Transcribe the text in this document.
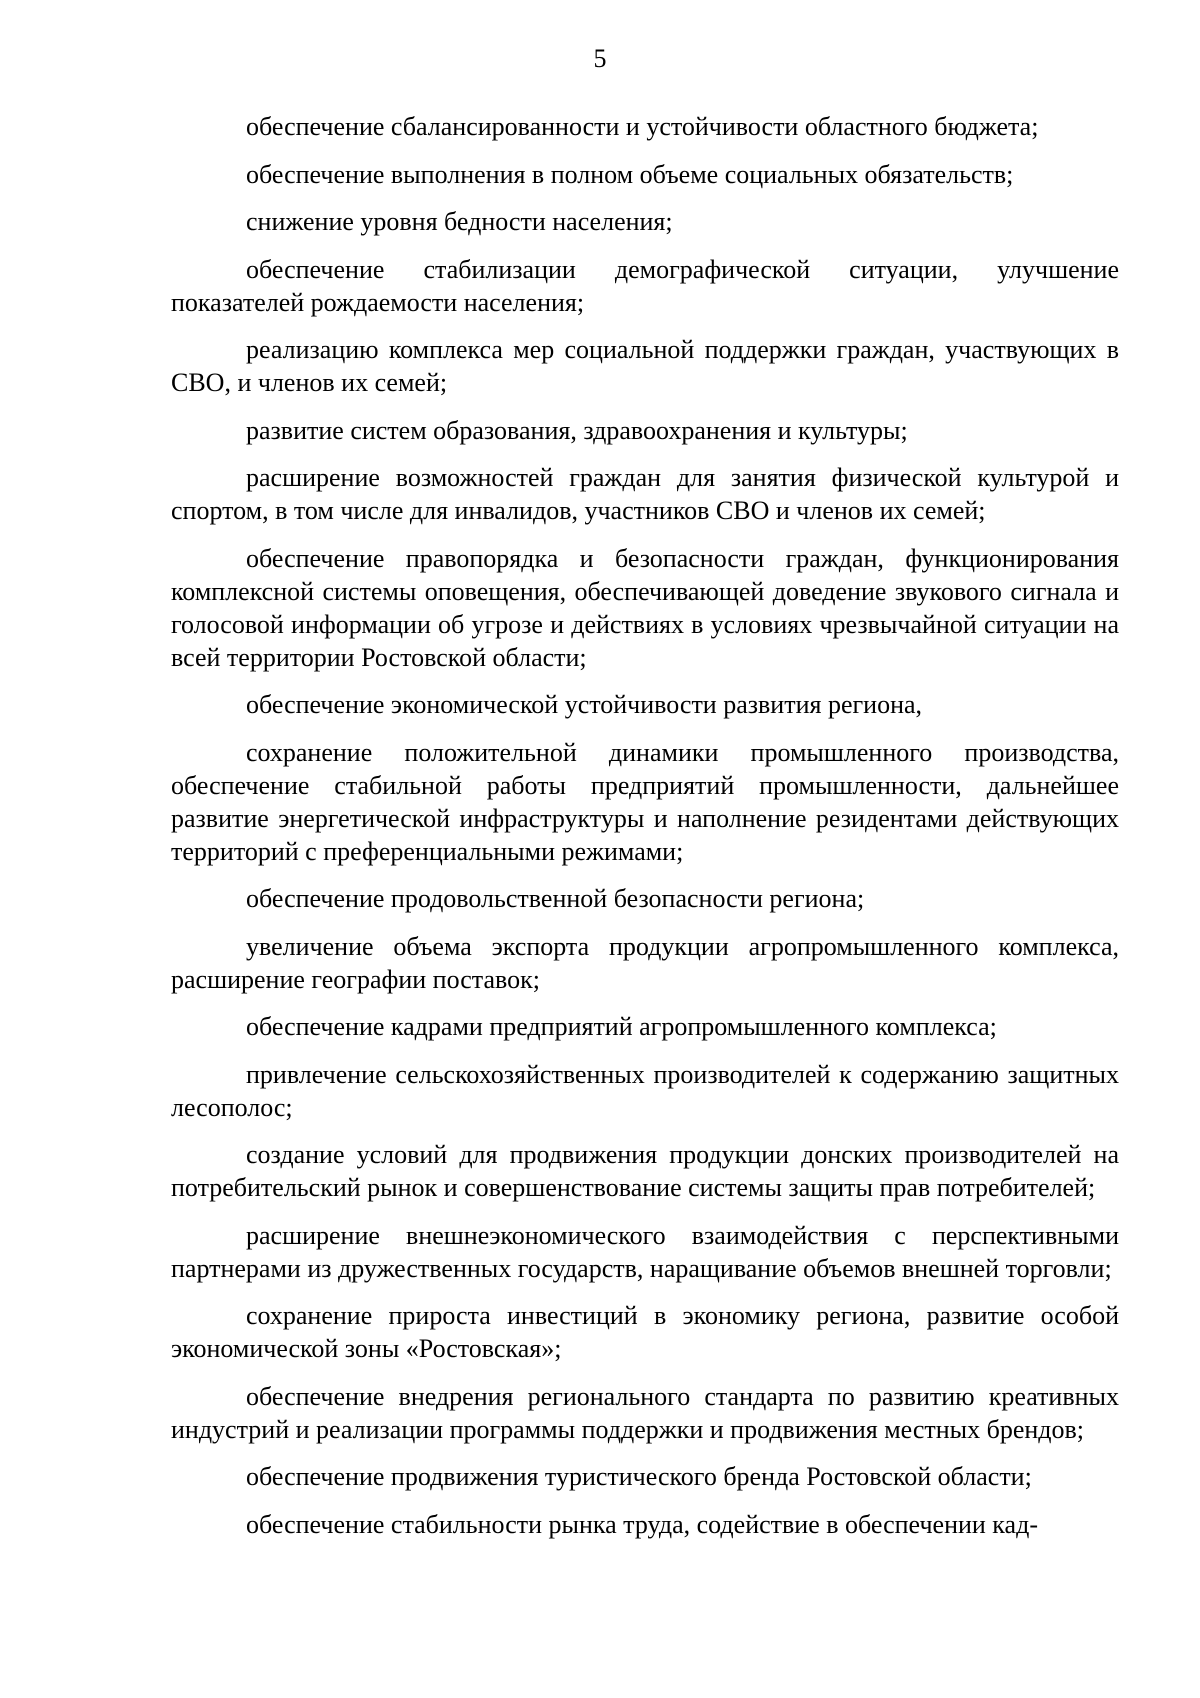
5

обеспечение сбалансированности и устойчивости областного бюджета;

обеспечение выполнения в полном объеме социальных обязательств;

снижение уровня бедности населения;

обеспечение стабилизации демографической ситуации, улучшение показателей рождаемости населения;

реализацию комплекса мер социальной поддержки граждан, участвующих в СВО, и членов их семей;

развитие систем образования, здравоохранения и культуры;

расширение возможностей граждан для занятия физической культурой и спортом, в том числе для инвалидов, участников СВО и членов их семей;

обеспечение правопорядка и безопасности граждан, функционирования комплексной системы оповещения, обеспечивающей доведение звукового сигнала и голосовой информации об угрозе и действиях в условиях чрезвычайной ситуации на всей территории Ростовской области;

обеспечение экономической устойчивости развития региона,

сохранение положительной динамики промышленного производства, обеспечение стабильной работы предприятий промышленности, дальнейшее развитие энергетической инфраструктуры и наполнение резидентами действующих территорий с преференциальными режимами;

обеспечение продовольственной безопасности региона;

увеличение объема экспорта продукции агропромышленного комплекса, расширение географии поставок;

обеспечение кадрами предприятий агропромышленного комплекса;

привлечение сельскохозяйственных производителей к содержанию защитных лесополос;

создание условий для продвижения продукции донских производителей на потребительский рынок и совершенствование системы защиты прав потребителей;

расширение внешнеэкономического взаимодействия с перспективными партнерами из дружественных государств, наращивание объемов внешней торговли;

сохранение прироста инвестиций в экономику региона, развитие особой экономической зоны «Ростовская»;

обеспечение внедрения регионального стандарта по развитию креативных индустрий и реализации программы поддержки и продвижения местных брендов;

обеспечение продвижения туристического бренда Ростовской области;

обеспечение стабильности рынка труда, содействие в обеспечении кад-
